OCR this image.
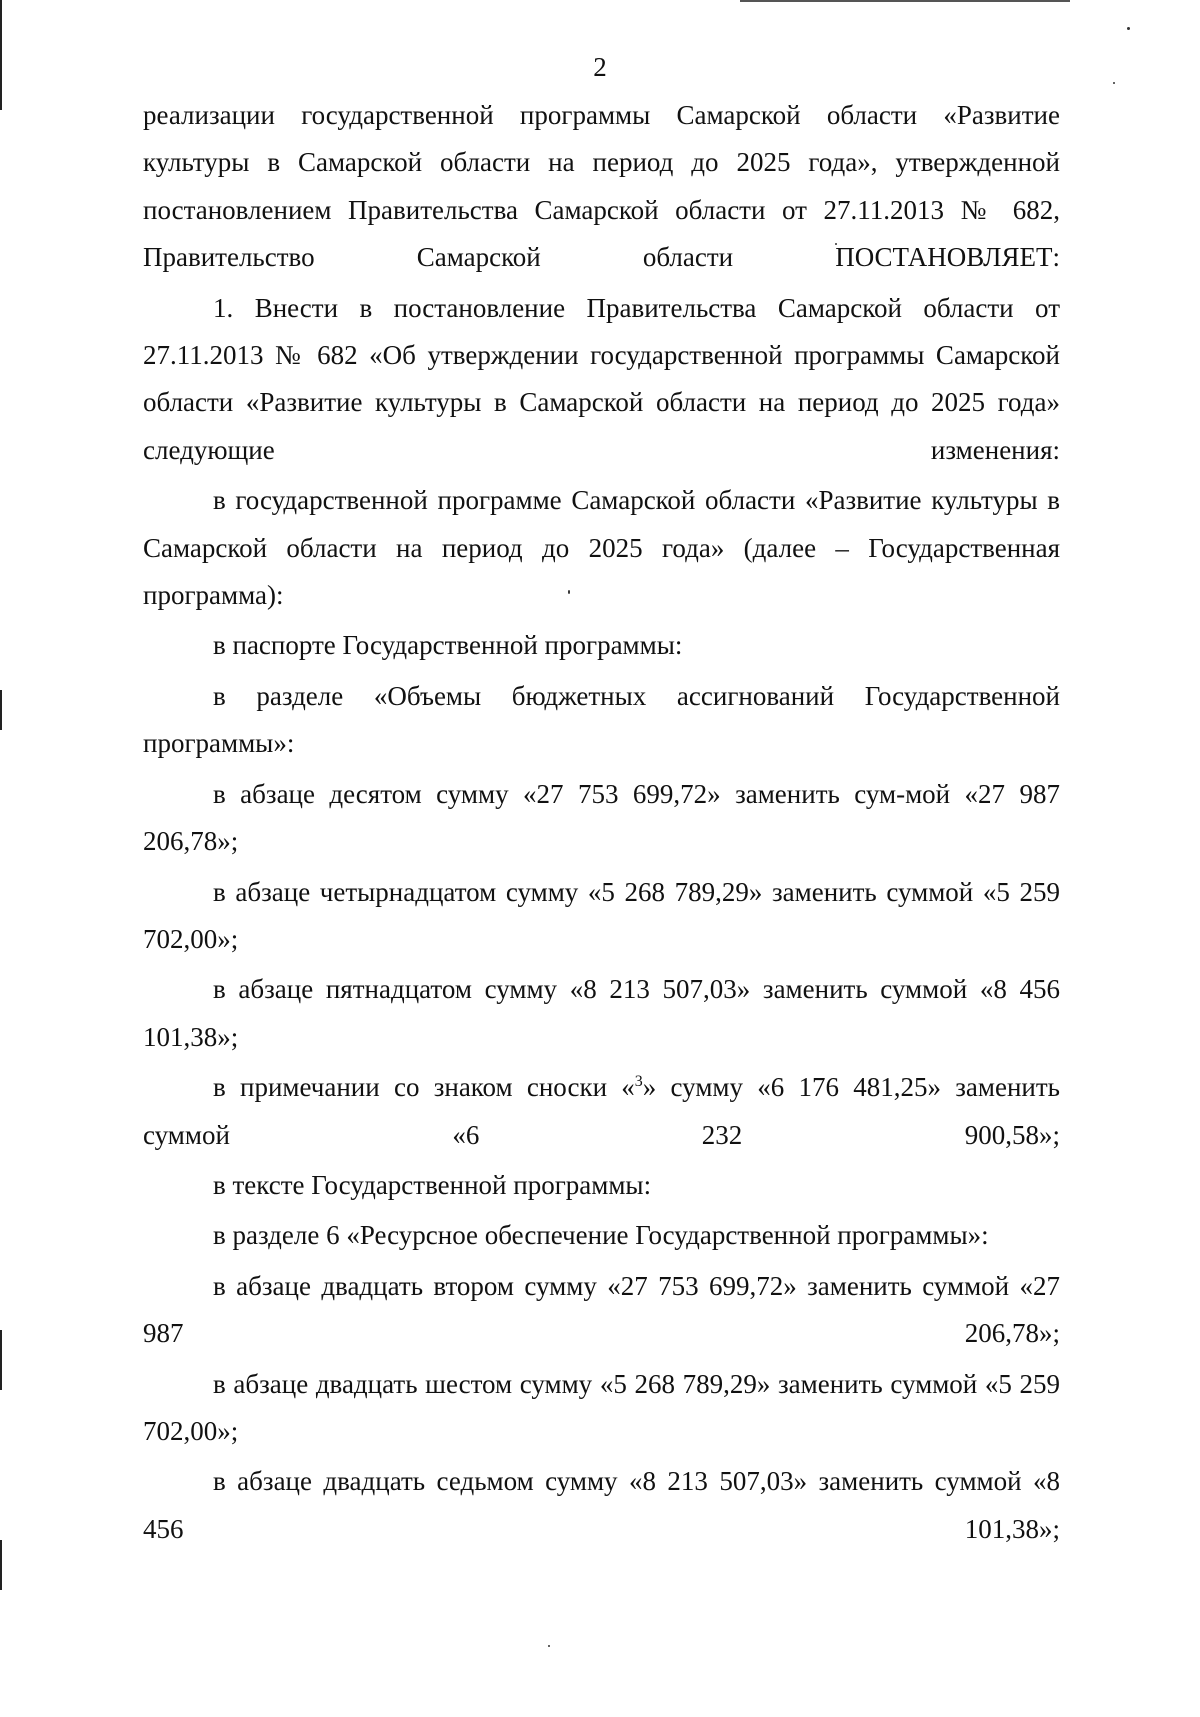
2

реализации государственной программы Самарской области «Развитие культуры в Самарской области на период до 2025 года», утвержденной постановлением Правительства Самарской области от 27.11.2013 № 682, Правительство Самарской области ПОСТАНОВЛЯЕТ:

1. Внести в постановление Правительства Самарской области от 27.11.2013 № 682 «Об утверждении государственной программы Самарской области «Развитие культуры в Самарской области на период до 2025 года» следующие изменения:

в государственной программе Самарской области «Развитие культуры в Самарской области на период до 2025 года» (далее – Государственная программа):

в паспорте Государственной программы:

в разделе «Объемы бюджетных ассигнований Государственной программы»:

в абзаце десятом сумму «27 753 699,72» заменить сум-мой «27 987 206,78»;

в абзаце четырнадцатом сумму «5 268 789,29» заменить суммой «5 259 702,00»;

в абзаце пятнадцатом сумму «8 213 507,03» заменить суммой «8 456 101,38»;

в примечании со знаком сноски «$^3$» сумму «6 176 481,25» заменить суммой «6 232 900,58»;

в тексте Государственной программы:

в разделе 6 «Ресурсное обеспечение Государственной программы»:

в абзаце двадцать втором сумму «27 753 699,72» заменить суммой «27 987 206,78»;

в абзаце двадцать шестом сумму «5 268 789,29» заменить суммой «5 259 702,00»;

в абзаце двадцать седьмом сумму «8 213 507,03» заменить суммой «8 456 101,38»;
